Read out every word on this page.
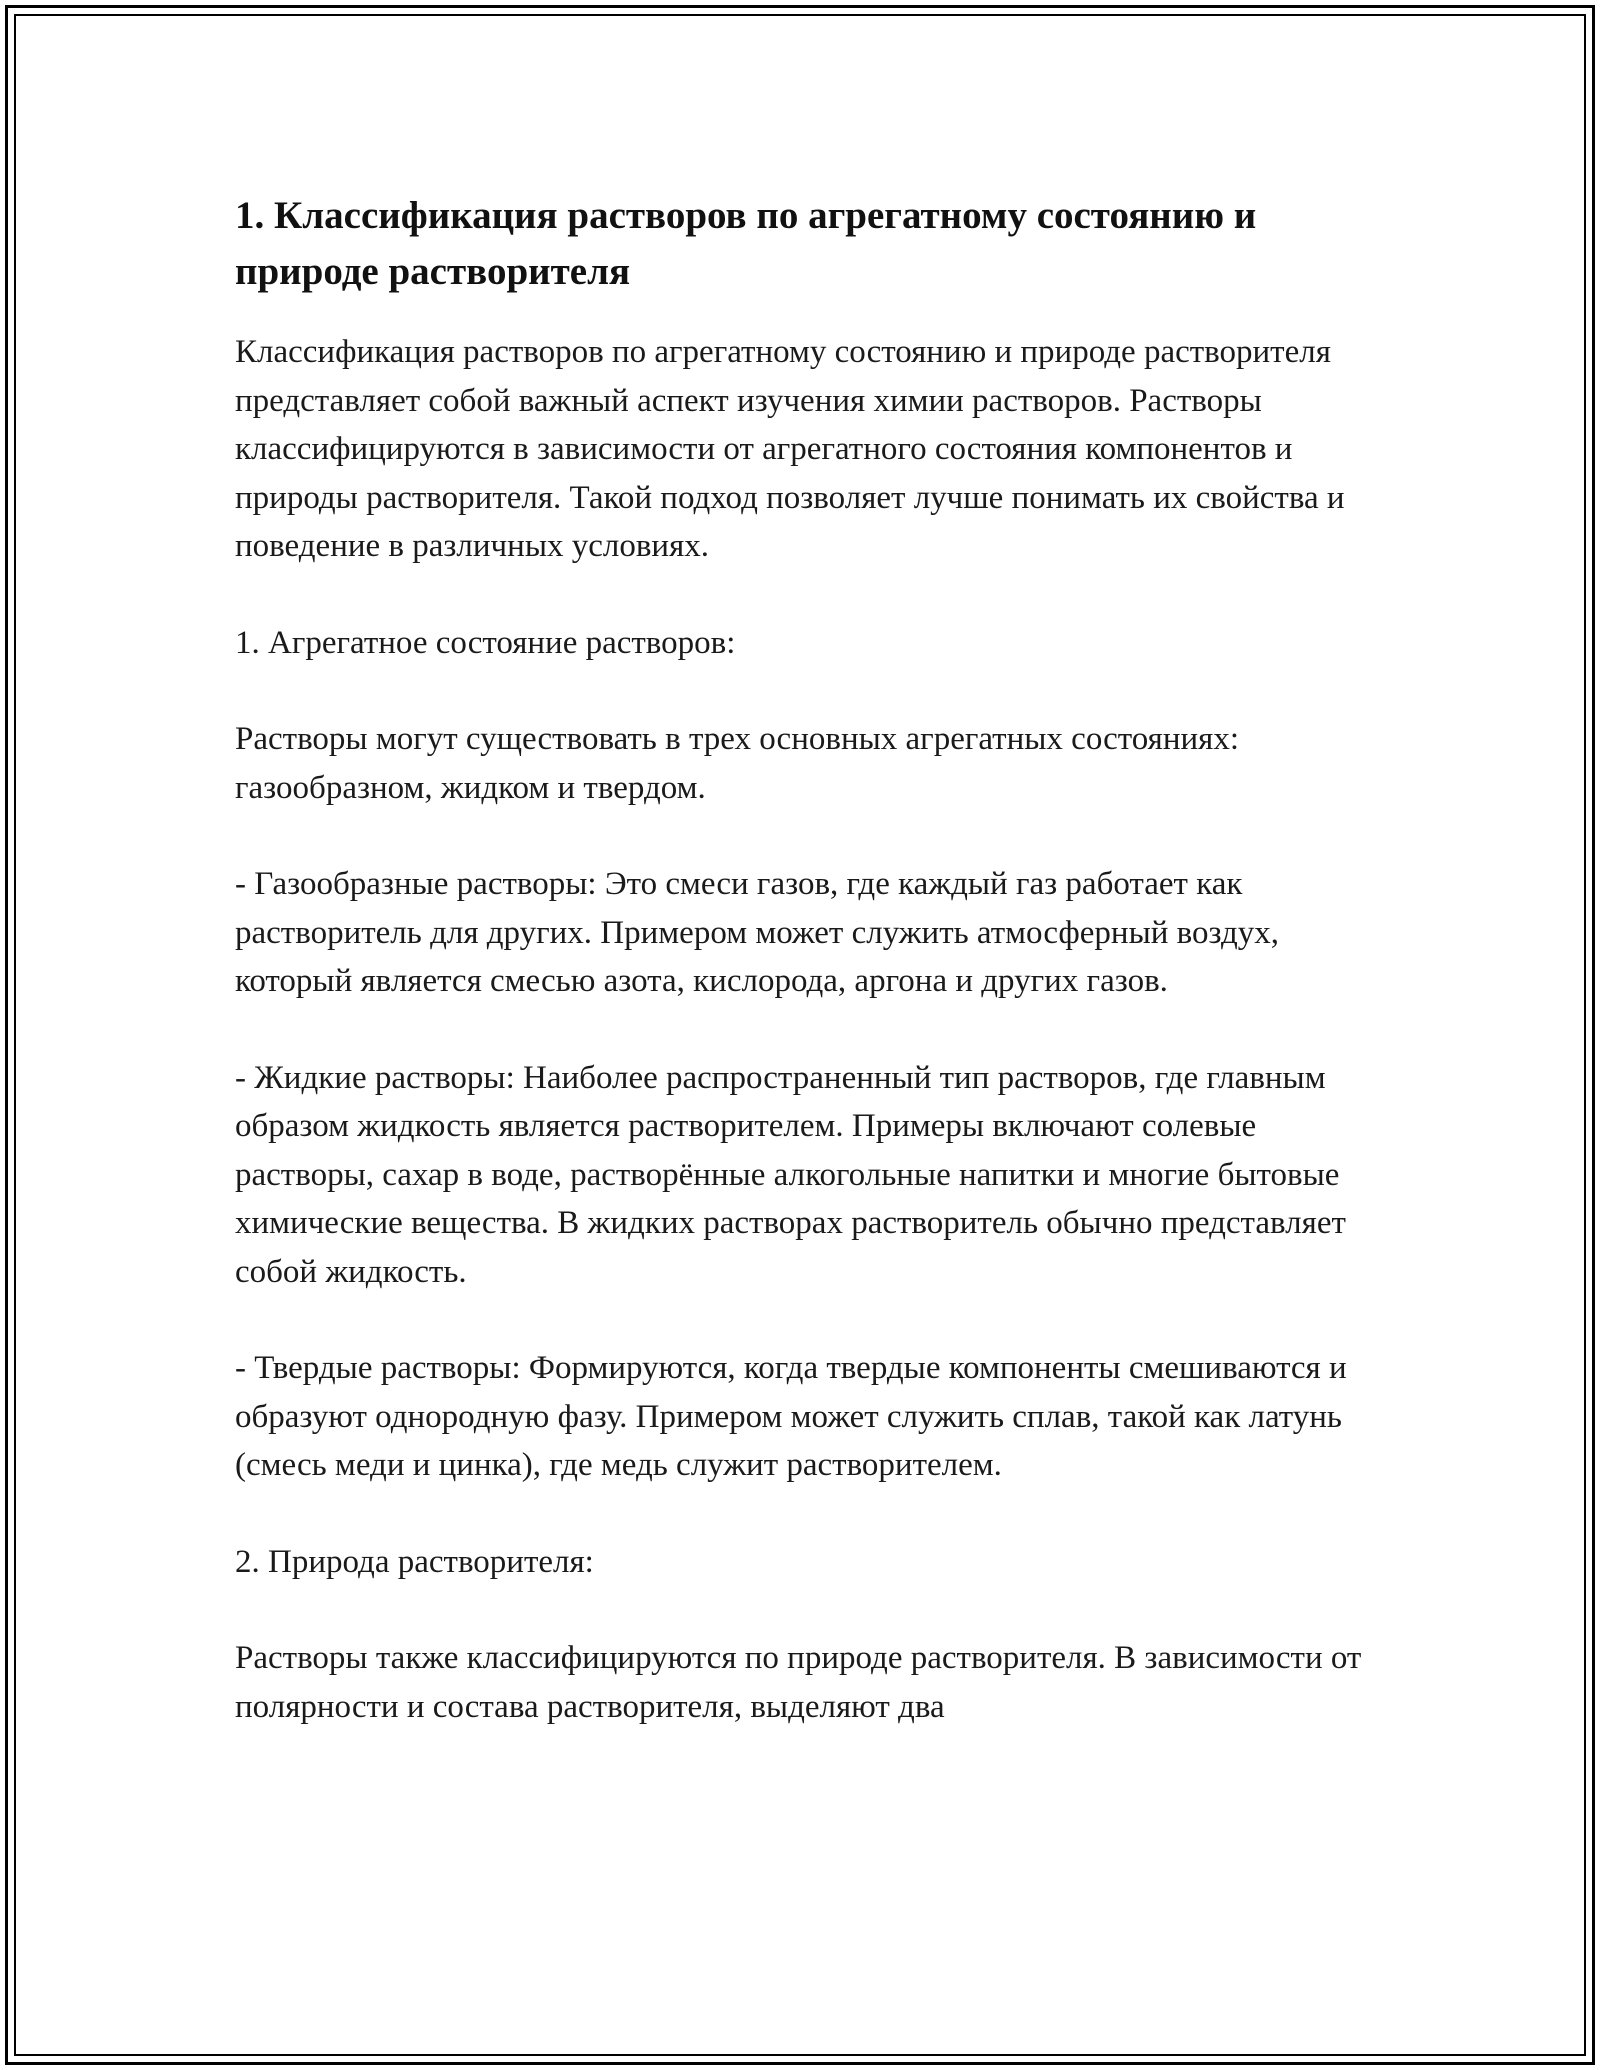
1. Классификация растворов по агрегатному состоянию и природе растворителя

Классификация растворов по агрегатному состоянию и природе растворителя представляет собой важный аспект изучения химии растворов. Растворы классифицируются в зависимости от агрегатного состояния компонентов и природы растворителя. Такой подход позволяет лучше понимать их свойства и поведение в различных условиях.

1. Агрегатное состояние растворов:

Растворы могут существовать в трех основных агрегатных состояниях: газообразном, жидком и твердом.

- Газообразные растворы: Это смеси газов, где каждый газ работает как растворитель для других. Примером может служить атмосферный воздух, который является смесью азота, кислорода, аргона и других газов.

- Жидкие растворы: Наиболее распространенный тип растворов, где главным образом жидкость является растворителем. Примеры включают солевые растворы, сахар в воде, растворённые алкогольные напитки и многие бытовые химические вещества. В жидких растворах растворитель обычно представляет собой жидкость.

- Твердые растворы: Формируются, когда твердые компоненты смешиваются и образуют однородную фазу. Примером может служить сплав, такой как латунь (смесь меди и цинка), где медь служит растворителем.

2. Природа растворителя:

Растворы также классифицируются по природе растворителя. В зависимости от полярности и состава растворителя, выделяют два
